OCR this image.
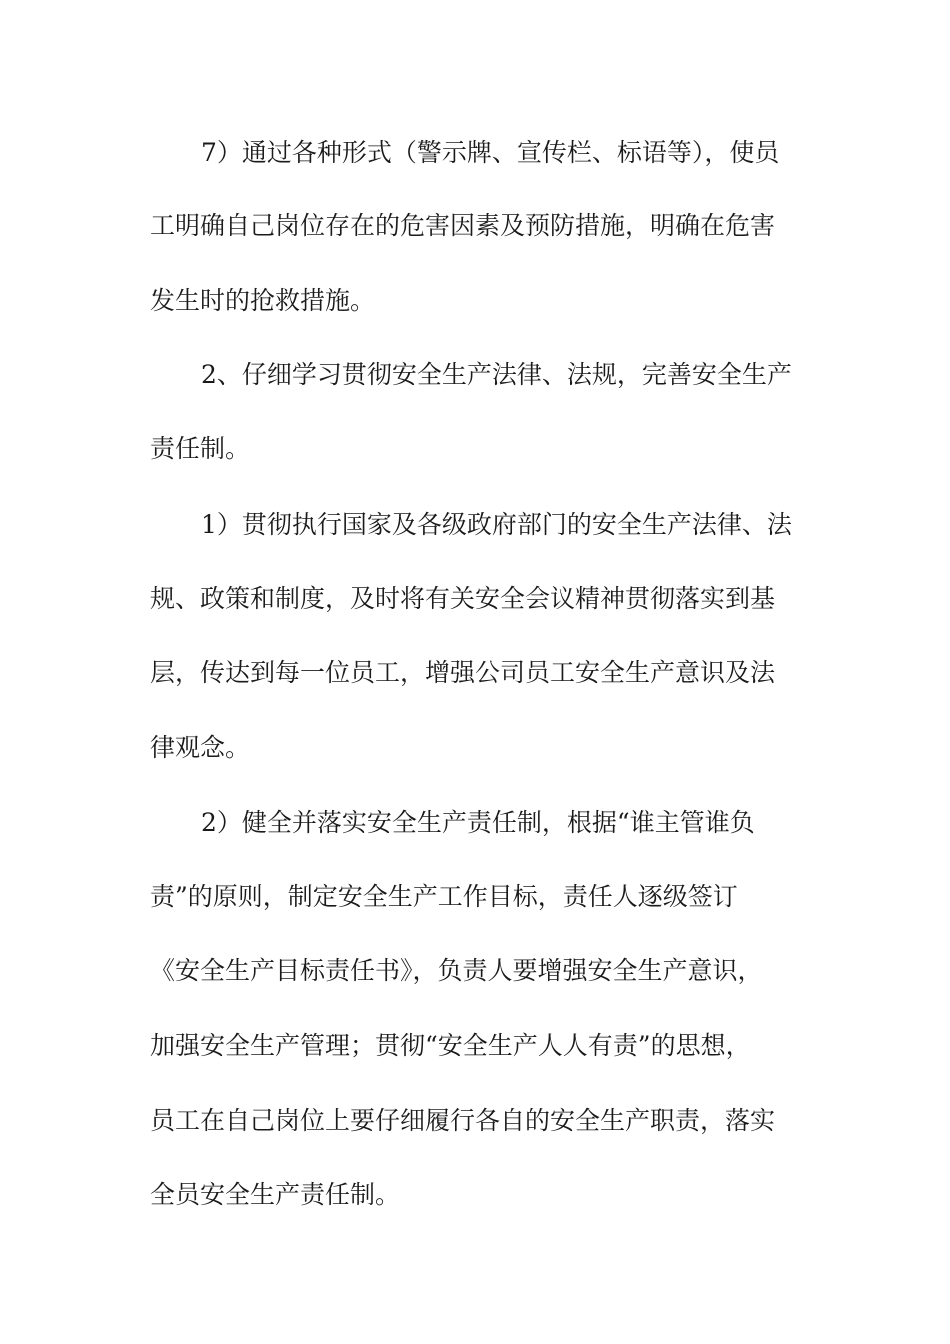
7）通过各种形式（警示牌、宣传栏、标语等），使员
工明确自己岗位存在的危害因素及预防措施，明确在危害
发生时的抢救措施。
2、仔细学习贯彻安全生产法律、法规，完善安全生产
责任制。
1）贯彻执行国家及各级政府部门的安全生产法律、法
规、政策和制度，及时将有关安全会议精神贯彻落实到基
层，传达到每一位员工，增强公司员工安全生产意识及法
律观念。
2）健全并落实安全生产责任制，根据“谁主管谁负
责”的原则，制定安全生产工作目标，责任人逐级签订
《安全生产目标责任书》，负责人要增强安全生产意识，
加强安全生产管理；贯彻“安全生产人人有责”的思想，
员工在自己岗位上要仔细履行各自的安全生产职责，落实
全员安全生产责任制。
